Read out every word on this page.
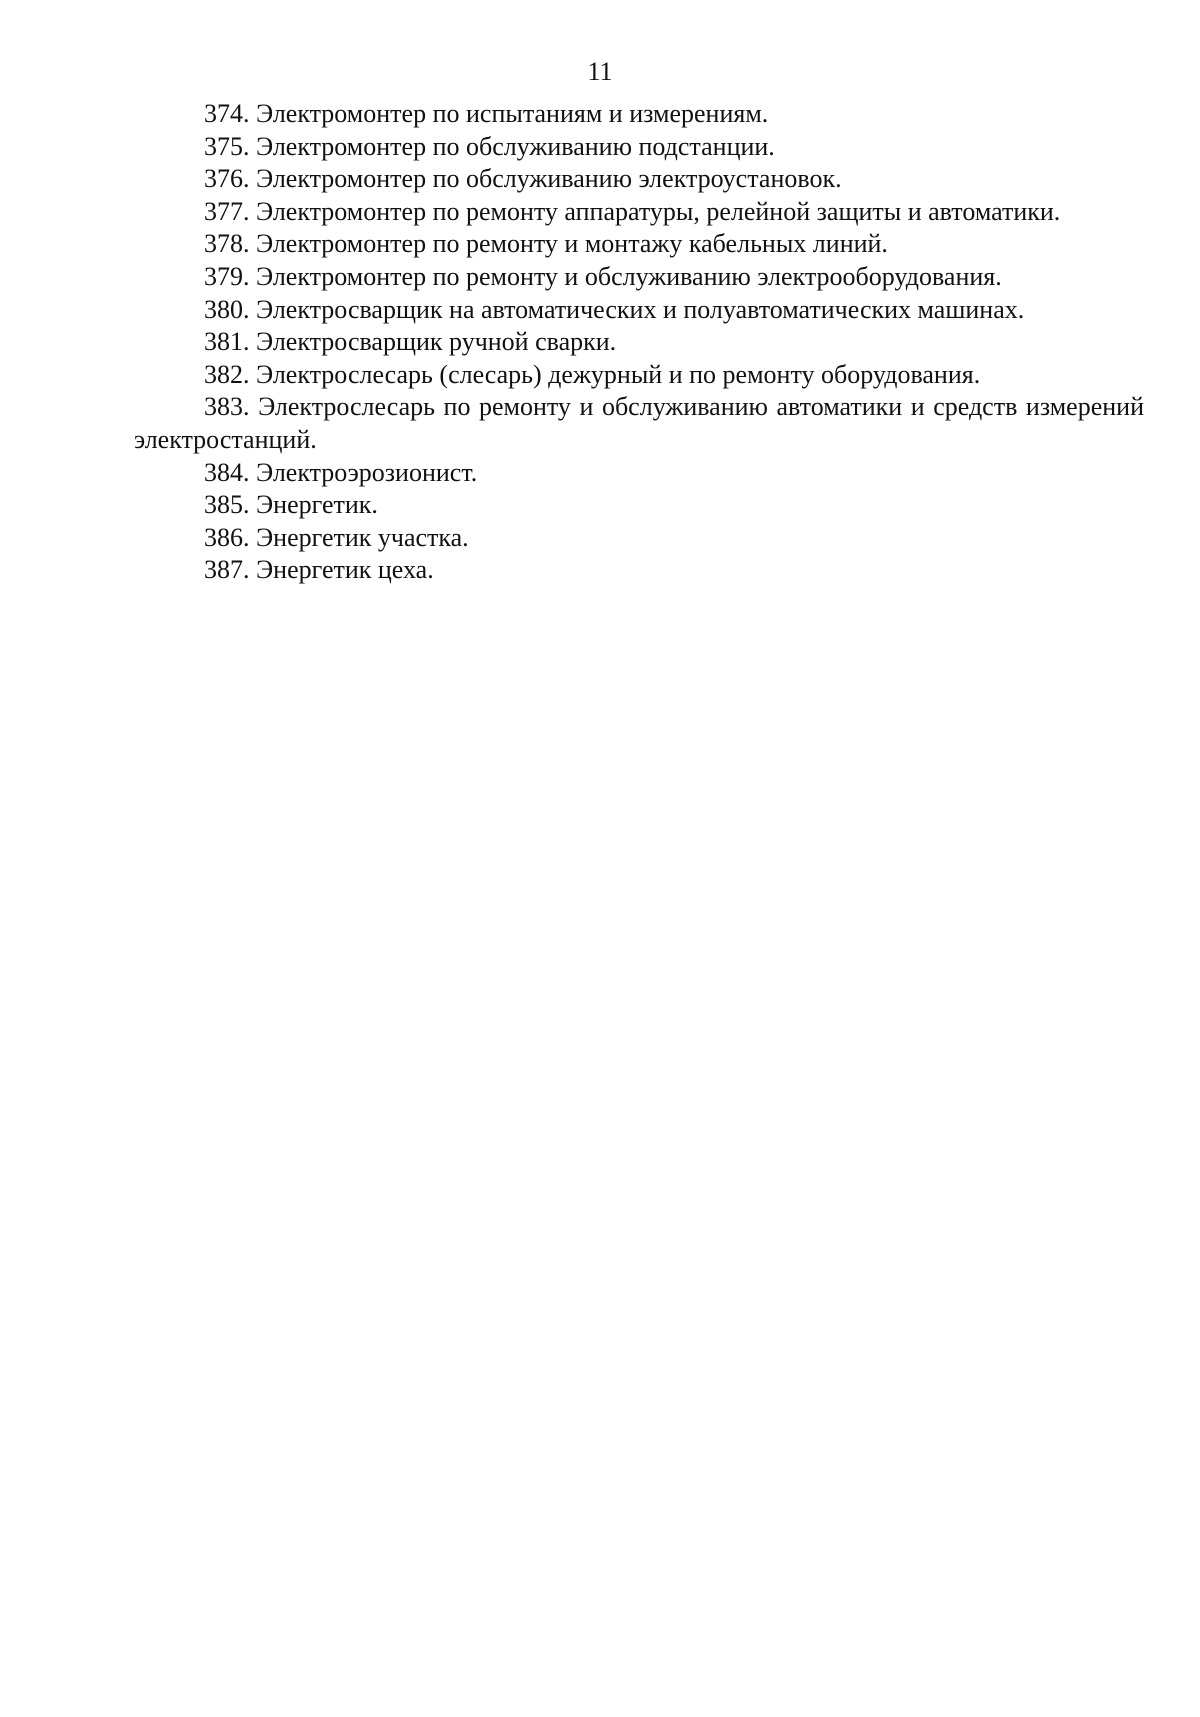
11
374. Электромонтер по испытаниям и измерениям.
375. Электромонтер по обслуживанию подстанции.
376. Электромонтер по обслуживанию электроустановок.
377. Электромонтер по ремонту аппаратуры, релейной защиты и автоматики.
378. Электромонтер по ремонту и монтажу кабельных линий.
379. Электромонтер по ремонту и обслуживанию электрооборудования.
380. Электросварщик на автоматических и полуавтоматических машинах.
381. Электросварщик ручной сварки.
382. Электрослесарь (слесарь) дежурный и по ремонту оборудования.
383. Электрослесарь по ремонту и обслуживанию автоматики и средств измерений электростанций.
384. Электроэрозионист.
385. Энергетик.
386. Энергетик участка.
387. Энергетик цеха.
